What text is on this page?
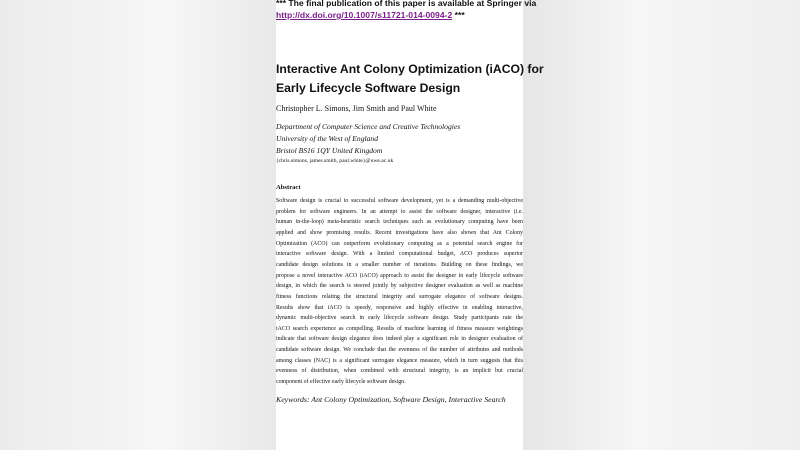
*** The final publication of this paper is available at Springer via
http://dx.doi.org/10.1007/s11721-014-0094-2 ***
Interactive Ant Colony Optimization (iACO) for
Early Lifecycle Software Design
Christopher L. Simons, Jim Smith and Paul White
Department of Computer Science and Creative Technologies
University of the West of England
Bristol BS16 1QY United Kingdom
{chris.simons, james.smith, paul.white}@uwe.ac.uk
Abstract
Software design is crucial to successful software development, yet is a demanding multi-objective
problem for software engineers. In an attempt to assist the software designer, interactive (i.e.
human in-the-loop) meta-heuristic search techniques such as evolutionary computing have been
applied and show promising results. Recent investigations have also shown that Ant Colony
Optimization (ACO) can outperform evolutionary computing as a potential search engine for
interactive software design. With a limited computational budget, ACO produces superior
candidate design solutions in a smaller number of iterations. Building on these findings, we
propose a novel interactive ACO (iACO) approach to assist the designer in early lifecycle software
design, in which the search is steered jointly by subjective designer evaluation as well as machine
fitness functions relating the structural integrity and surrogate elegance of software designs.
Results show that iACO is speedy, responsive and highly effective in enabling interactive,
dynamic multi-objective search in early lifecycle software design. Study participants rate the
iACO search experience as compelling. Results of machine learning of fitness measure weightings
indicate that software design elegance does indeed play a significant role in designer evaluation of
candidate software design. We conclude that the evenness of the number of attributes and methods
among classes (NAC) is a significant surrogate elegance measure, which in turn suggests that this
evenness of distribution, when combined with structural integrity, is an implicit but crucial
component of effective early lifecycle software design.
Keywords: Ant Colony Optimization, Software Design, Interactive Search
